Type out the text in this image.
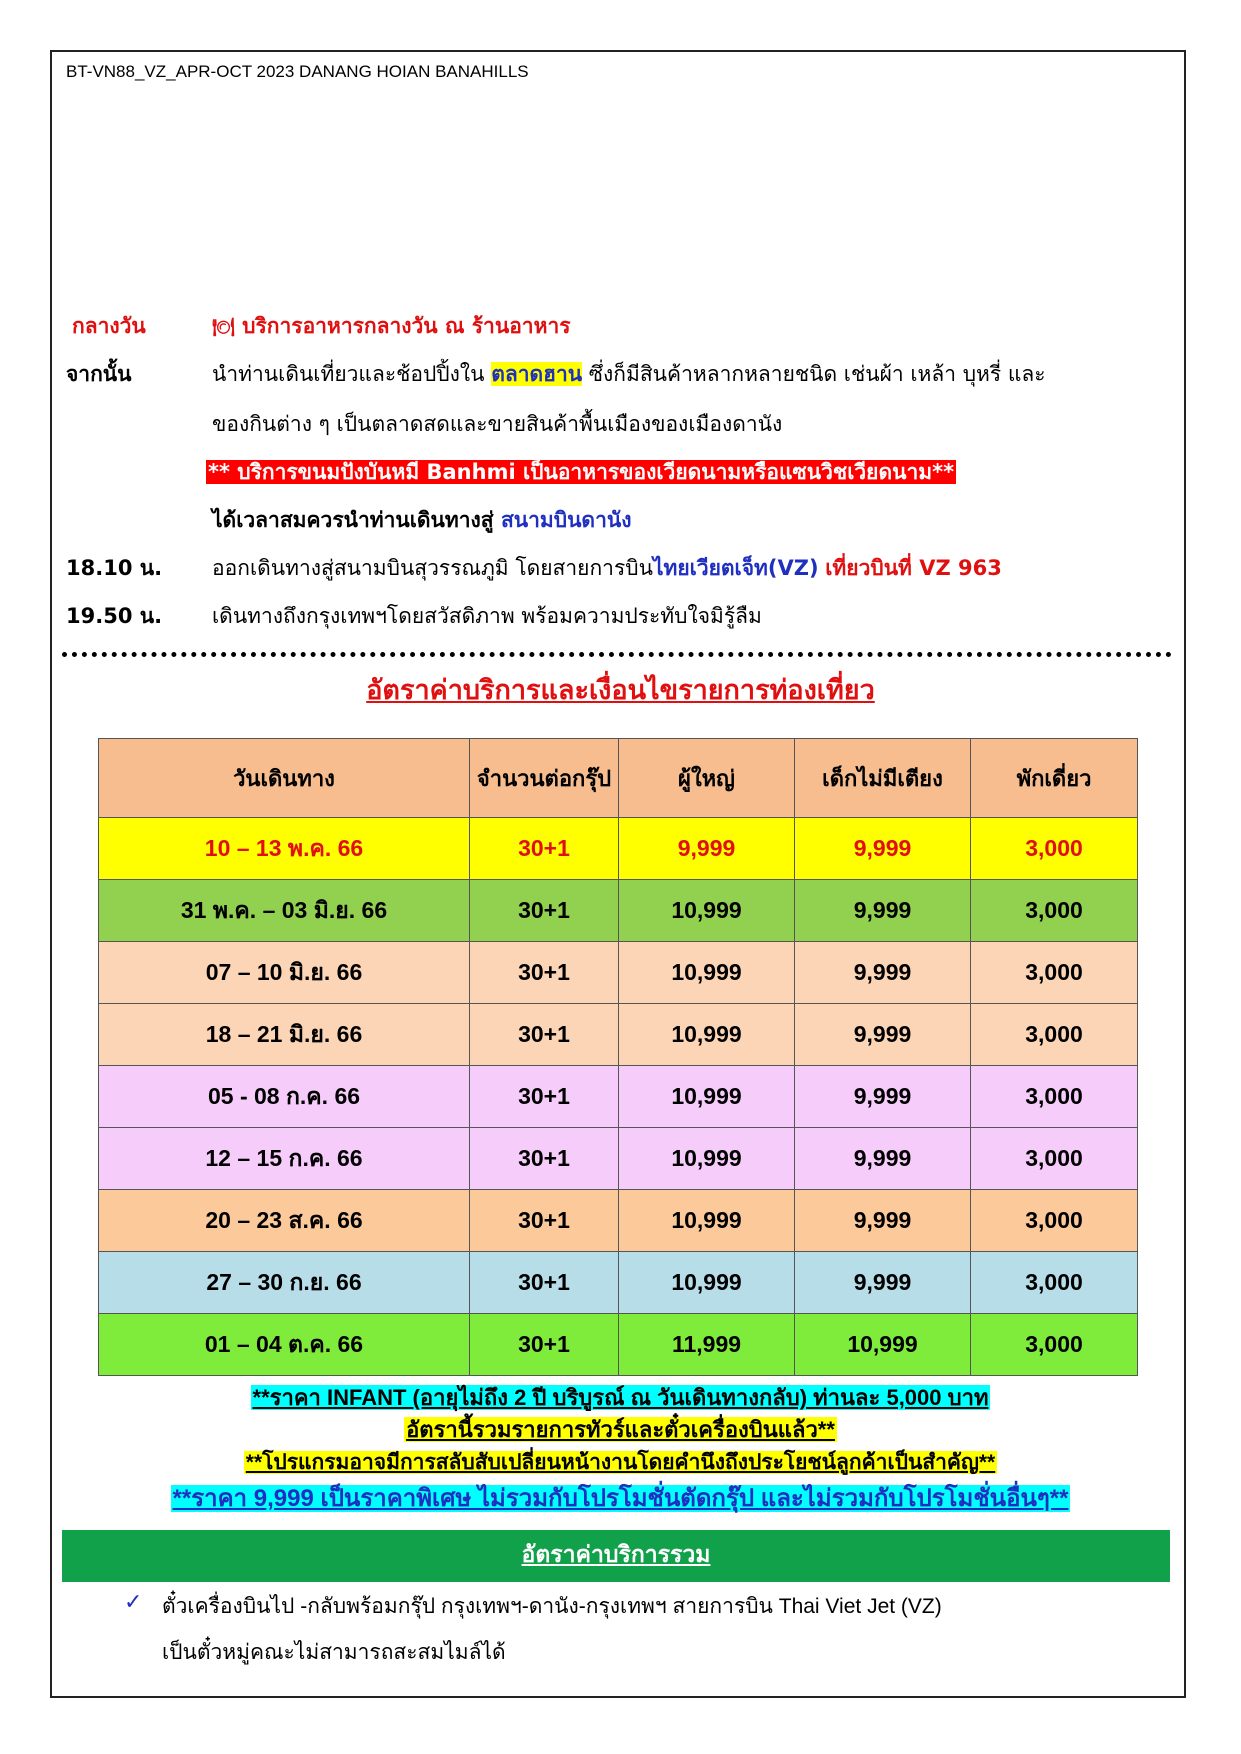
BT-VN88_VZ_APR-OCT 2023 DANANG HOIAN BANAHILLS
กลางวัน	🍽 บริการอาหารกลางวัน ณ ร้านอาหาร
จากนั้น	นำท่านเดินเที่ยวและช้อปปิ้งใน ตลาดฮาน ซึ่งก็มีสินค้าหลากหลายชนิด เช่นผ้า เหล้า บุหรี่ และ
ของกินต่าง ๆ เป็นตลาดสดและขายสินค้าพื้นเมืองของเมืองดานัง
** บริการขนมปังบันหมี Banhmi เป็นอาหารของเวียดนามหรือแซนวิชเวียดนาม**
ได้เวลาสมควรนำท่านเดินทางสู่ สนามบินดานัง
18.10 น. ออกเดินทางสู่สนามบินสุวรรณภูมิ โดยสายการบินไทยเวียตเจ็ท(VZ) เที่ยวบินที่ VZ 963
19.50 น. เดินทางถึงกรุงเทพฯโดยสวัสดิภาพ พร้อมความประทับใจมิรู้ลืม
อัตราค่าบริการและเงื่อนไขรายการท่องเที่ยว
วันเดินทาง	จำนวนต่อกรุ๊ป	ผู้ใหญ่	เด็กไม่มีเตียง	พักเดี่ยว
10 – 13 พ.ค. 66	30+1	9,999	9,999	3,000
31 พ.ค. – 03 มิ.ย. 66	30+1	10,999	9,999	3,000
07 – 10 มิ.ย. 66	30+1	10,999	9,999	3,000
18 – 21 มิ.ย. 66	30+1	10,999	9,999	3,000
05 - 08 ก.ค. 66	30+1	10,999	9,999	3,000
12 – 15 ก.ค. 66	30+1	10,999	9,999	3,000
20 – 23 ส.ค. 66	30+1	10,999	9,999	3,000
27 – 30 ก.ย. 66	30+1	10,999	9,999	3,000
01 – 04 ต.ค. 66	30+1	11,999	10,999	3,000
**ราคา INFANT (อายุไม่ถึง 2 ปี บริบูรณ์ ณ วันเดินทางกลับ) ท่านละ 5,000 บาท
อัตรานี้รวมรายการทัวร์และตั๋วเครื่องบินแล้ว**
**โปรแกรมอาจมีการสลับสับเปลี่ยนหน้างานโดยคำนึงถึงประโยชน์ลูกค้าเป็นสำคัญ**
**ราคา 9,999 เป็นราคาพิเศษ ไม่รวมกับโปรโมชั่นตัดกรุ๊ป และไม่รวมกับโปรโมชั่นอื่นๆ**
อัตราค่าบริการรวม
✓ ตั๋วเครื่องบินไป -กลับพร้อมกรุ๊ป กรุงเทพฯ-ดานัง-กรุงเทพฯ สายการบิน Thai Viet Jet (VZ)
เป็นตั๋วหมู่คณะไม่สามารถสะสมไมล์ได้
